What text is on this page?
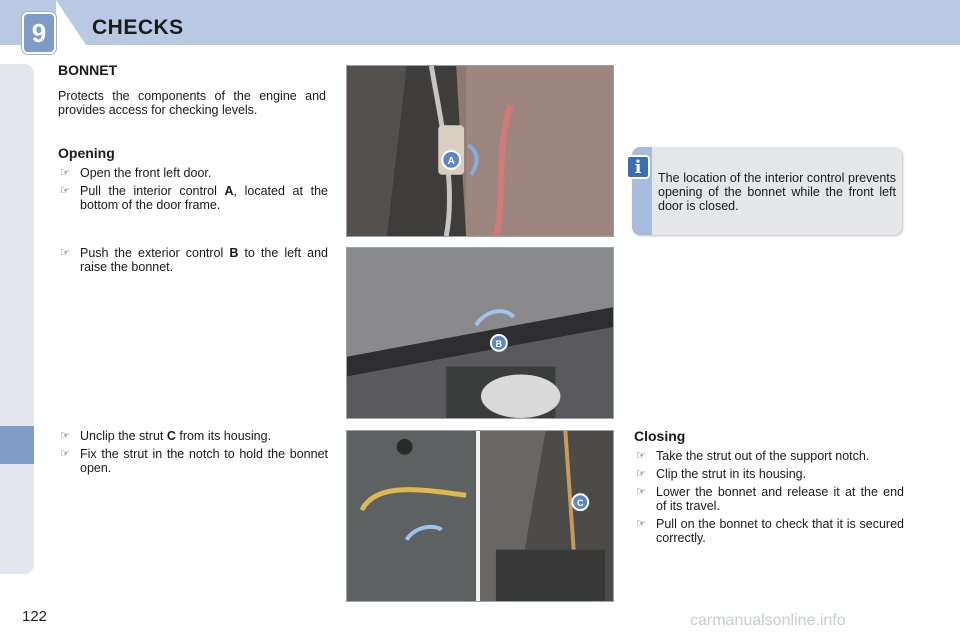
9	CHECKS
BONNET

Protects the components of the engine and provides access for checking levels.

Opening
☞ Open the front left door.
☞ Pull the interior control A, located at the bottom of the door frame.
☞ Push the exterior control B to the left and raise the bonnet.
☞ Unclip the strut C from its housing.
☞ Fix the strut in the notch to hold the bonnet open.
A
B
C
The location of the interior control prevents opening of the bonnet while the front left door is closed.
i
Closing
☞ Take the strut out of the support notch.
☞ Clip the strut in its housing.
☞ Lower the bonnet and release it at the end of its travel.
☞ Pull on the bonnet to check that it is secured correctly.
122	carmanualsonline.info
